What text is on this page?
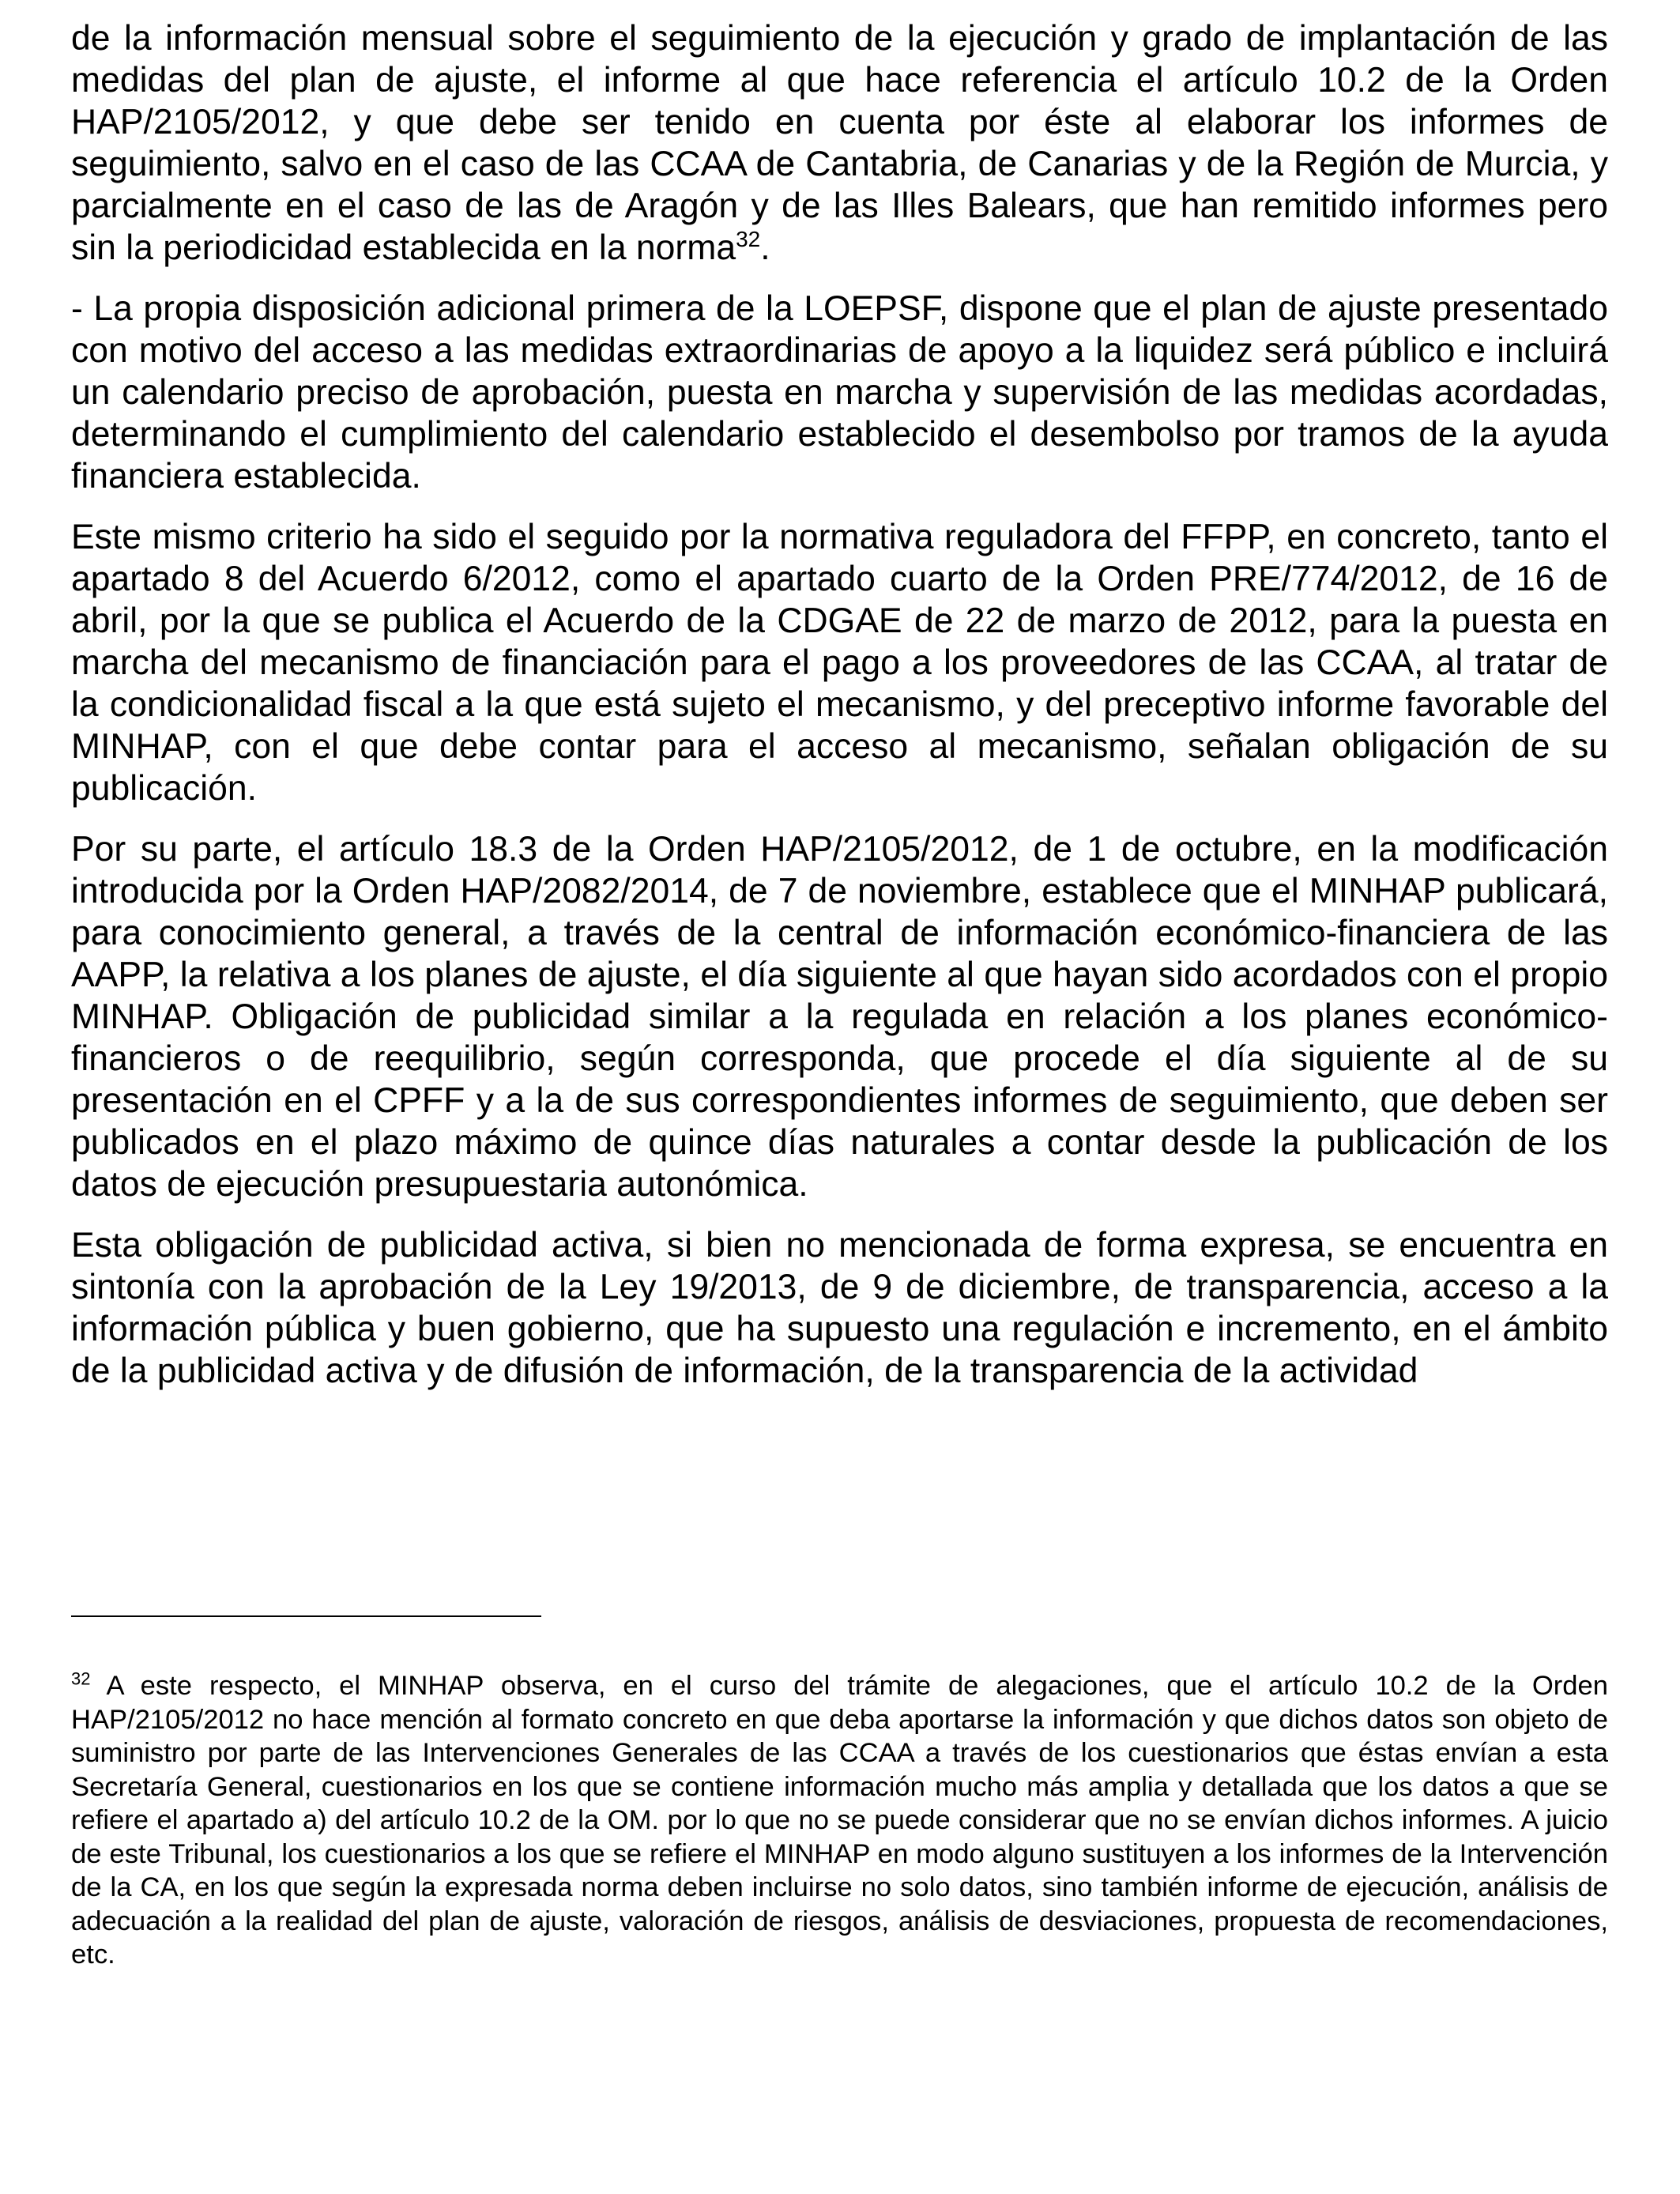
de la información mensual sobre el seguimiento de la ejecución y grado de implantación de las medidas del plan de ajuste, el informe al que hace referencia el artículo 10.2 de la Orden HAP/2105/2012, y que debe ser tenido en cuenta por éste al elaborar los informes de seguimiento, salvo en el caso de las CCAA de Cantabria, de Canarias y de la Región de Murcia, y parcialmente en el caso de las de Aragón y de las Illes Balears, que han remitido informes pero sin la periodicidad establecida en la norma$^{32}$.

- La propia disposición adicional primera de la LOEPSF, dispone que el plan de ajuste presentado con motivo del acceso a las medidas extraordinarias de apoyo a la liquidez será público e incluirá un calendario preciso de aprobación, puesta en marcha y supervisión de las medidas acordadas, determinando el cumplimiento del calendario establecido el desembolso por tramos de la ayuda financiera establecida.

Este mismo criterio ha sido el seguido por la normativa reguladora del FFPP, en concreto, tanto el apartado 8 del Acuerdo 6/2012, como el apartado cuarto de la Orden PRE/774/2012, de 16 de abril, por la que se publica el Acuerdo de la CDGAE de 22 de marzo de 2012, para la puesta en marcha del mecanismo de financiación para el pago a los proveedores de las CCAA, al tratar de la condicionalidad fiscal a la que está sujeto el mecanismo, y del preceptivo informe favorable del MINHAP, con el que debe contar para el acceso al mecanismo, señalan obligación de su publicación.

Por su parte, el artículo 18.3 de la Orden HAP/2105/2012, de 1 de octubre, en la modificación introducida por la Orden HAP/2082/2014, de 7 de noviembre, establece que el MINHAP publicará, para conocimiento general, a través de la central de información económico-financiera de las AAPP, la relativa a los planes de ajuste, el día siguiente al que hayan sido acordados con el propio MINHAP. Obligación de publicidad similar a la regulada en relación a los planes económico-financieros o de reequilibrio, según corresponda, que procede el día siguiente al de su presentación en el CPFF y a la de sus correspondientes informes de seguimiento, que deben ser publicados en el plazo máximo de quince días naturales a contar desde la publicación de los datos de ejecución presupuestaria autonómica.

Esta obligación de publicidad activa, si bien no mencionada de forma expresa, se encuentra en sintonía con la aprobación de la Ley 19/2013, de 9 de diciembre, de transparencia, acceso a la información pública y buen gobierno, que ha supuesto una regulación e incremento, en el ámbito de la publicidad activa y de difusión de información, de la transparencia de la actividad

$^{32}$ A este respecto, el MINHAP observa, en el curso del trámite de alegaciones, que el artículo 10.2 de la Orden HAP/2105/2012 no hace mención al formato concreto en que deba aportarse la información y que dichos datos son objeto de suministro por parte de las Intervenciones Generales de las CCAA a través de los cuestionarios que éstas envían a esta Secretaría General, cuestionarios en los que se contiene información mucho más amplia y detallada que los datos a que se refiere el apartado a) del artículo 10.2 de la OM. por lo que no se puede considerar que no se envían dichos informes. A juicio de este Tribunal, los cuestionarios a los que se refiere el MINHAP en modo alguno sustituyen a los informes de la Intervención de la CA, en los que según la expresada norma deben incluirse no solo datos, sino también informe de ejecución, análisis de adecuación a la realidad del plan de ajuste, valoración de riesgos, análisis de desviaciones, propuesta de recomendaciones, etc.
